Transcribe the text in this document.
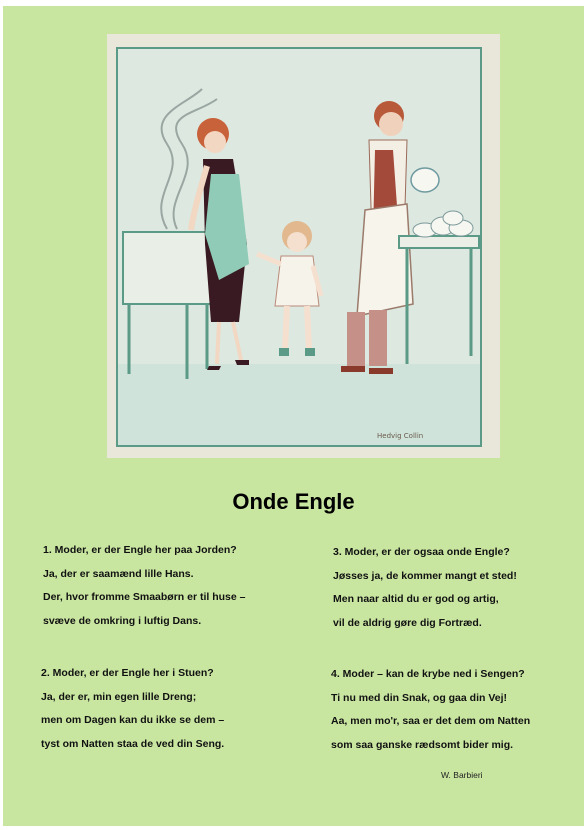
Hedvig Collin
Onde Engle
1. Moder, er der Engle her paa Jorden?
Ja, der er saamænd lille Hans.
Der, hvor fromme Smaabørn er til huse –
svæve de omkring i luftig Dans.
2. Moder, er der Engle her i Stuen?
Ja, der er, min egen lille Dreng;
men om Dagen kan du ikke se dem –
tyst om Natten staa de ved din Seng.
3. Moder, er der ogsaa onde Engle?
Jøsses ja, de kommer mangt et sted!
Men naar altid du er god og artig,
vil de aldrig gøre dig Fortræd.
4. Moder – kan de krybe ned i Sengen?
Ti nu med din Snak, og gaa din Vej!
Aa, men mo'r, saa er det dem om Natten
som saa ganske rædsomt bider mig.
W. Barbieri
